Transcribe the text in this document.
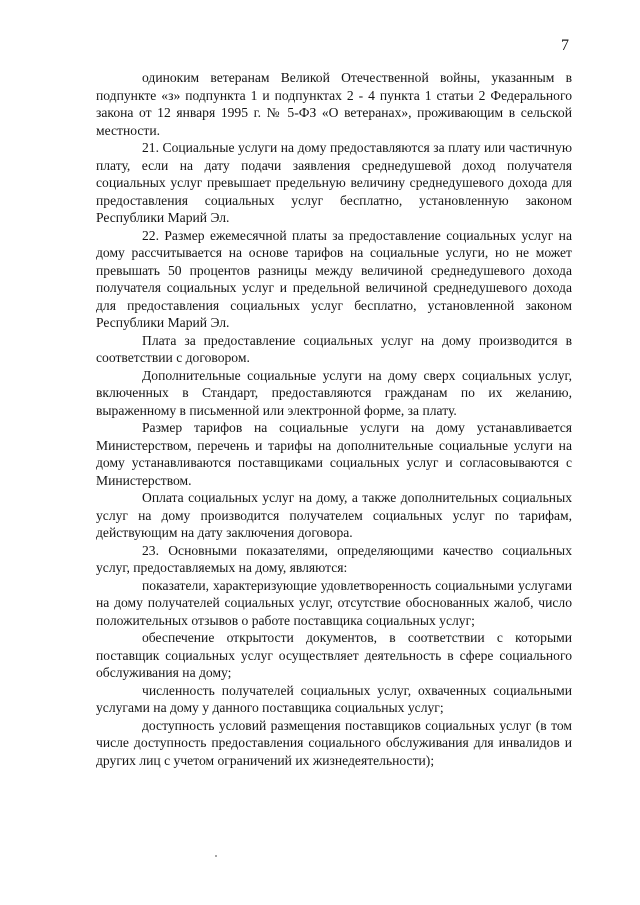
7

одиноким ветеранам Великой Отечественной войны, указанным в подпункте «з» подпункта 1 и подпунктах 2 - 4 пункта 1 статьи 2 Федерального закона от 12 января 1995 г. № 5-ФЗ «О ветеранах», проживающим в сельской местности.

21. Социальные услуги на дому предоставляются за плату или частичную плату, если на дату подачи заявления среднедушевой доход получателя социальных услуг превышает предельную величину среднедушевого дохода для предоставления социальных услуг бесплатно, установленную законом Республики Марий Эл.

22. Размер ежемесячной платы за предоставление социальных услуг на дому рассчитывается на основе тарифов на социальные услуги, но не может превышать 50 процентов разницы между величиной среднедушевого дохода получателя социальных услуг и предельной величиной среднедушевого дохода для предоставления социальных услуг бесплатно, установленной законом Республики Марий Эл.

Плата за предоставление социальных услуг на дому производится в соответствии с договором.

Дополнительные социальные услуги на дому сверх социальных услуг, включенных в Стандарт, предоставляются гражданам по их желанию, выраженному в письменной или электронной форме, за плату.

Размер тарифов на социальные услуги на дому устанавливается Министерством, перечень и тарифы на дополнительные социальные услуги на дому устанавливаются поставщиками социальных услуг и согласовываются с Министерством.

Оплата социальных услуг на дому, а также дополнительных социальных услуг на дому производится получателем социальных услуг по тарифам, действующим на дату заключения договора.

23. Основными показателями, определяющими качество социальных услуг, предоставляемых на дому, являются:

показатели, характеризующие удовлетворенность социальными услугами на дому получателей социальных услуг, отсутствие обоснованных жалоб, число положительных отзывов о работе поставщика социальных услуг;

обеспечение открытости документов, в соответствии с которыми поставщик социальных услуг осуществляет деятельность в сфере социального обслуживания на дому;

численность получателей социальных услуг, охваченных социальными услугами на дому у данного поставщика социальных услуг;

доступность условий размещения поставщиков социальных услуг (в том числе доступность предоставления социального обслуживания для инвалидов и других лиц с учетом ограничений их жизнедеятельности);
